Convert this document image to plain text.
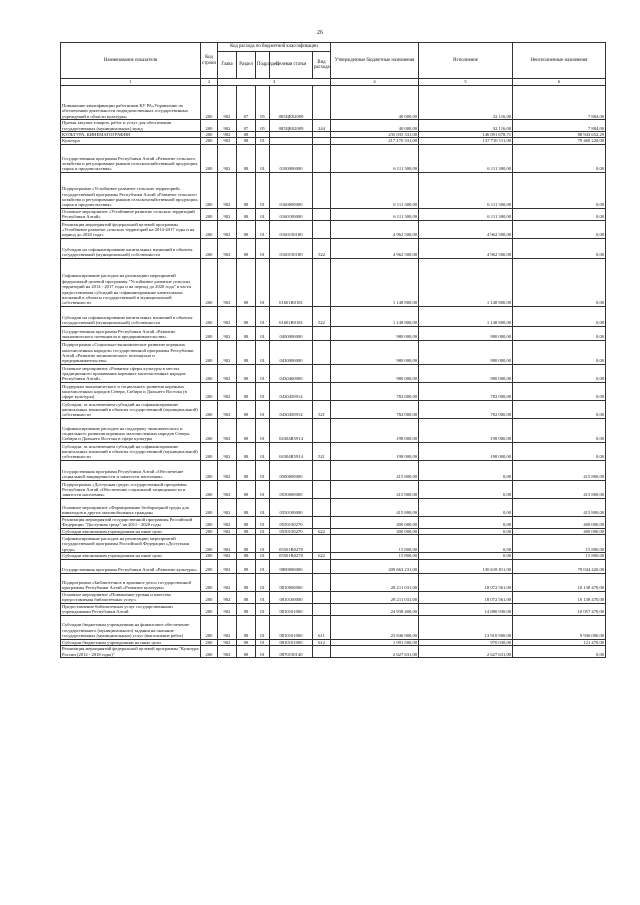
26
Наименование показателя	Код строки	Код расхода по бюджетной классификации					Утвержденные бюджетные назначения	Исполнение	Неисполненные назначения
		Глава	Раздел	Подраздел	Целевая статья	Вид расхода			
1	2	3					4	5	6
Повышение квалификации работников КУ РА«Управление по обеспечению деятельности подведомственных государственных учреждений в области культуры»	200	902	07	05	085ЦК02009		40 000,00	32 116,00	7 884,00
Прочая закупка товаров, работ и услуг для обеспечения государственных (муниципальных) нужд	200	902	07	05	085ЦК02009	244	40 000,00	32 116,00	7 884,00
КУЛЬТУРА, КИНЕМАТОГРАФИЯ	200	902	08				235 035 331,00	146 091 678,71	88 943 652,29
Культура	200	902	08	01			217 170 331,00	137 710 111,00	79 460 220,00
Государственная программа Республики Алтай «Развитие сельского хозяйства и регулирование рынков сельскохозяйственной продукции, сырья и продовольствия»	200	902	08	01	0100000000		6 111 300,00	6 111 300,00	0,00
Подпрограмма «Устойчивое развитие сельских территорий» государственной программы Республики Алтай «Развитие сельского хозяйства и регулирование рынков сельскохозяйственной продукции, сырья и продовольствия»	200	902	08	01	0160000000		6 111 300,00	6 111 300,00	0,00
Основное мероприятие «Устойчивое развитие сельских территорий Республики Алтай»	200	902	08	01	0160100000		6 111 300,00	6 111 300,00	0,00
Реализация мероприятий федеральной целевой программы «Устойчивое развитие сельских территорий на 2014-2017 годы и на период до 2020 года»	200	902	08	01	0160150180		4 962 500,00	4 962 500,00	0,00
Субсидии на софинансирование капитальных вложений в объекты государственной (муниципальной) собственности	200	902	08	01	0160150180	522	4 962 500,00	4 962 500,00	0,00
Софинансирование расходов на реализацию мероприятий федеральной целевой программы "Устойчивое развитие сельских территорий на 2014 - 2017 годы и на период до 2020 года" в части предоставления субсидий на софинансирование капитальных вложений в объекты государственной и муниципальной собственности	200	902	08	01	01601R0181		1 148 800,00	1 148 800,00	0,00
Субсидии на софинансирование капитальных вложений в объекты государственной (муниципальной) собственности	200	902	08	01	01601R0181	522	1 148 800,00	1 148 800,00	0,00
Государственная программа Республики Алтай «Развитие экономического потенциала и предпринимательства»	200	902	08	01	0400000000		980 000,00	980 000,00	0,00
Подпрограмма «Социально-экономическое развитие коренных малочисленных народов» государственной программы Республики Алтай «Развитие экономического потенциала и предпринимательства»	200	902	08	01	0430000000		980 000,00	980 000,00	0,00
Основное мероприятие «Развитие сферы культуры в местах традиционного проживания коренных малочисленных народов Республики Алтай»	200	902	08	01	0430400000		980 000,00	980 000,00	0,00
Поддержка экономического и социального развития коренных малочисленных народов Севера, Сибири и Дальнего Востока (в сфере культуры)	200	902	08	01	0430450914		782 000,00	782 000,00	0,00
Субсидии, за исключением субсидий на софинансирование капитальных вложений в объекты государственной (муниципальной) собственности	200	902	08	01	0430450914	521	782 000,00	782 000,00	0,00
Софинансирование расходов на поддержку экономического и социального развития коренных малочисленных народов Севера, Сибири и Дальнего Востока в сфере культуры	200	902	08	01	04304R5914		198 000,00	198 000,00	0,00
Субсидии, за исключением субсидий на софинансирование капитальных вложений в объекты государственной (муниципальной) собственности	200	902	08	01	04304R5914	521	198 000,00	198 000,00	0,00
Государственная программа Республики Алтай «Обеспечение социальной защищенности и занятости населения»	200	902	08	01	0500000000		415 800,00	0,00	415 800,00
Подпрограмма «Доступная среда» государственной программы Республики Алтай «Обеспечение социальной защищенности и занятости населения»	200	902	08	01	0550000000		415 800,00	0,00	415 800,00
Основное мероприятие «Формирование безбарьерной среды для инвалидов и других маломобильных граждан»	200	902	08	01	0550100000		415 800,00	0,00	415 800,00
Реализация мероприятий государственной программы Российской Федерации "Доступная среда" на 2011 - 2020 годы	200	902	08	01	0550150270		400 000,00	0,00	400 000,00
Субсидии автономным учреждениям на иные цели	200	902	08	01	0550150270	622	400 000,00	0,00	400 000,00
Софинансирование расходов на реализацию мероприятий государственной программы Российской Федерации «Доступная среда»	200	902	08	01	05501R0270		15 800,00	0,00	15 800,00
Субсидии автономным учреждениям на иные цели	200	902	08	01	05501R0270	622	15 800,00	0,00	15 800,00
Государственная программа Республики Алтай «Развитие культуры»	200	902	08	01	0800000000		209 663 231,00	130 618 811,00	79 044 420,00
Подпрограмма «Библиотечное и архивное дело» государственной программы Республики Алтай «Развитие культуры»	200	902	08	01	0810000000		28 211 031,00	18 072 561,00	10 138 470,00
Основное мероприятие «Повышение уровня и качества предоставления библиотечных услуг»	200	902	08	01	0810100000		28 211 031,00	18 072 561,00	10 138 470,00
Предоставление библиотечных услуг государственными учреждениями Республики Алтай	200	902	08	01	0810101000		24 938 400,00	14 880 930,00	10 057 470,00
Субсидии бюджетным учреждениям на финансовое обеспечение государственного (муниципального) задания на оказание государственных (муниципальных) услуг (выполнение работ)	200	902	08	01	0810101000	611	23 846 900,00	13 910 900,00	9 936 000,00
Субсидии бюджетным учреждениям на иные цели	200	902	08	01	0810101000	612	1 091 500,00	970 030,00	121 470,00
Реализация мероприятий федеральной целевой программы "Культура России (2012 - 2018 годы)"	200	902	08	01	0870150140		2 627 631,00	2 627 631,00	0,00
